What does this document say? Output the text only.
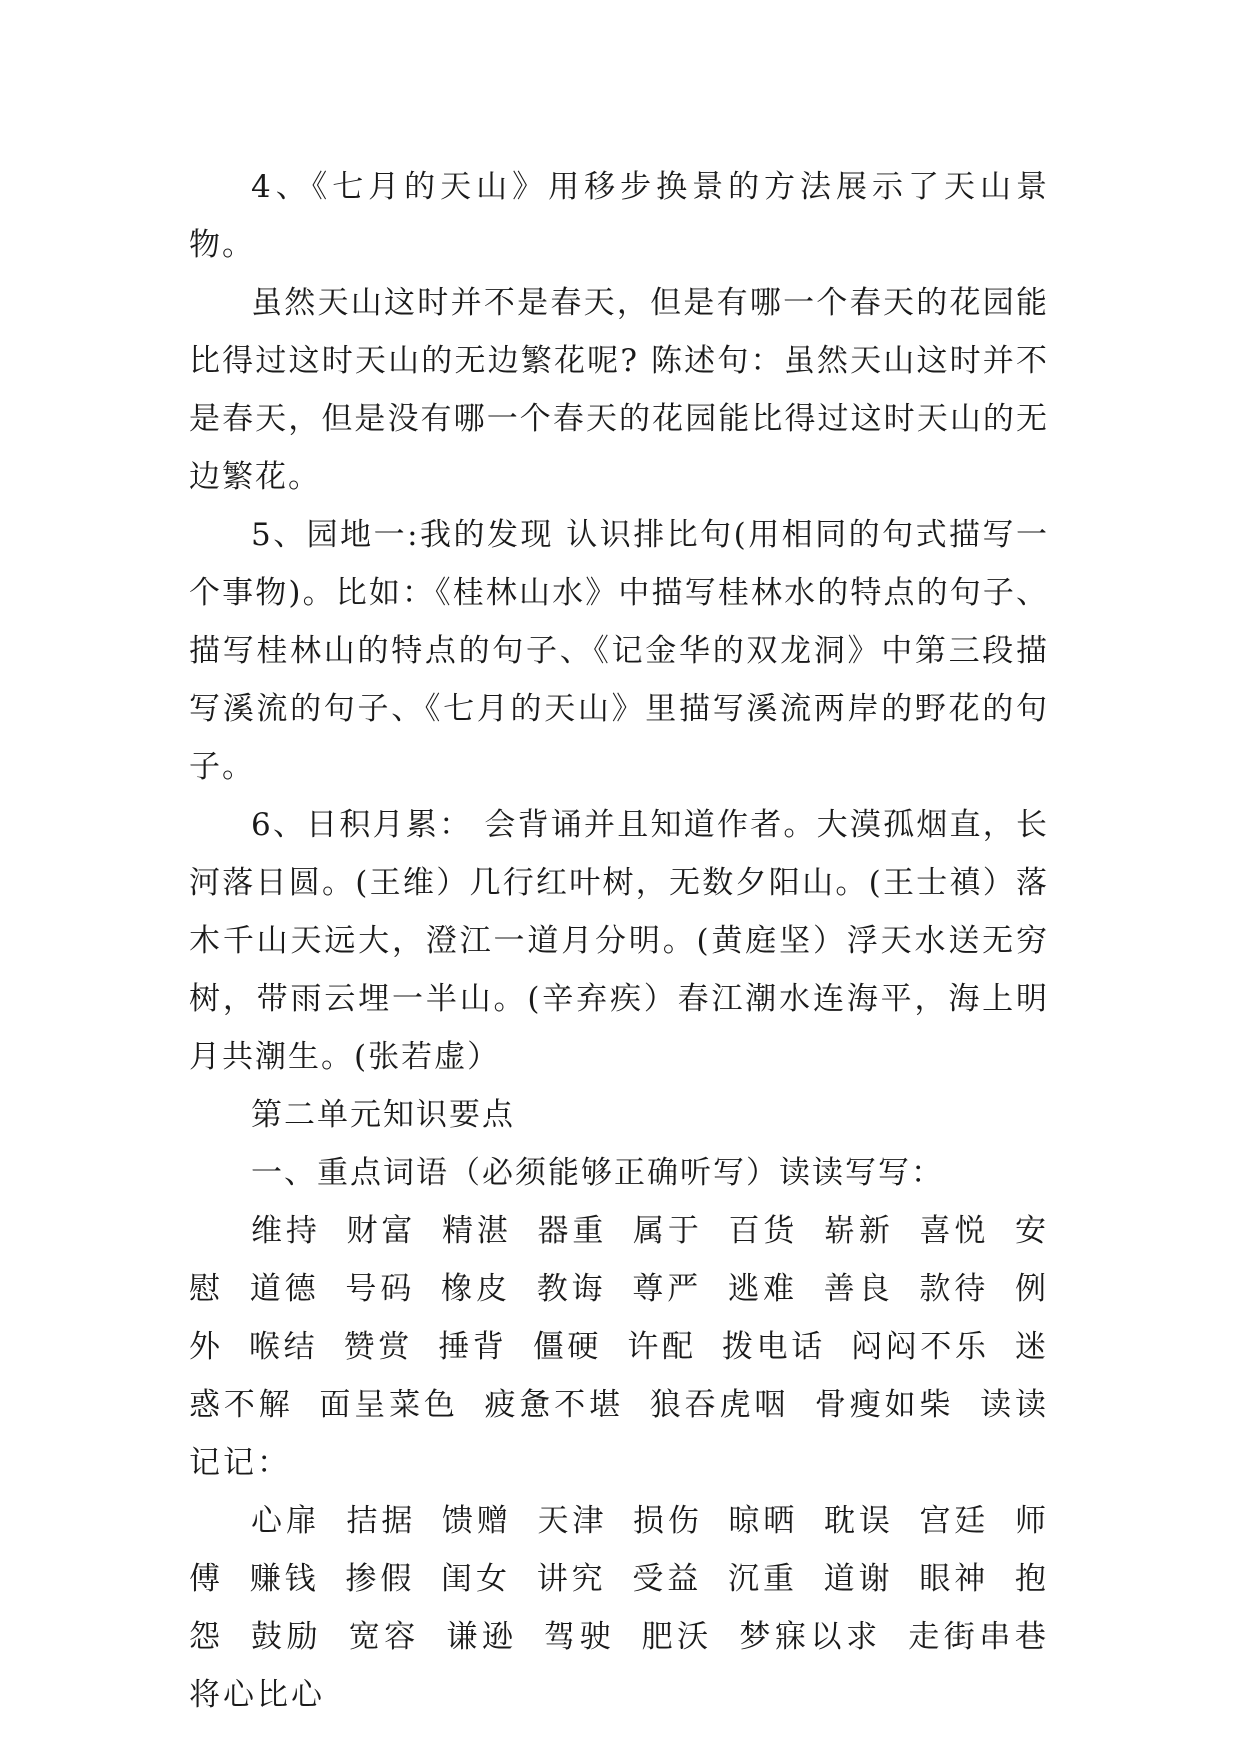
4、《七月的天山》用移步换景的方法展示了天山景物。

虽然天山这时并不是春天，但是有哪一个春天的花园能比得过这时天山的无边繁花呢? 陈述句：虽然天山这时并不是春天，但是没有哪一个春天的花园能比得过这时天山的无边繁花。

5、园地一:我的发现 认识排比句(用相同的句式描写一个事物)。比如：《桂林山水》中描写桂林水的特点的句子、描写桂林山的特点的句子、《记金华的双龙洞》中第三段描写溪流的句子、《七月的天山》里描写溪流两岸的野花的句子。

6、日积月累： 会背诵并且知道作者。大漠孤烟直，长河落日圆。(王维）几行红叶树，无数夕阳山。(王士禛）落木千山天远大，澄江一道月分明。(黄庭坚）浮天水送无穷树，带雨云埋一半山。(辛弃疾）春江潮水连海平，海上明月共潮生。(张若虚）

第二单元知识要点

一、重点词语（必须能够正确听写）读读写写：

维持 财富 精湛 器重 属于 百货 崭新 喜悦 安慰 道德 号码 橡皮 教诲 尊严 逃难 善良 款待 例外 喉结 赞赏 捶背 僵硬 许配 拨电话 闷闷不乐 迷惑不解 面呈菜色 疲惫不堪 狼吞虎咽 骨瘦如柴 读读记记：

心扉 拮据 馈赠 天津 损伤 晾晒 耽误 宫廷 师傅 赚钱 掺假 闺女 讲究 受益 沉重 道谢 眼神 抱怨 鼓励 宽容 谦逊 驾驶 肥沃 梦寐以求 走街串巷 将心比心
